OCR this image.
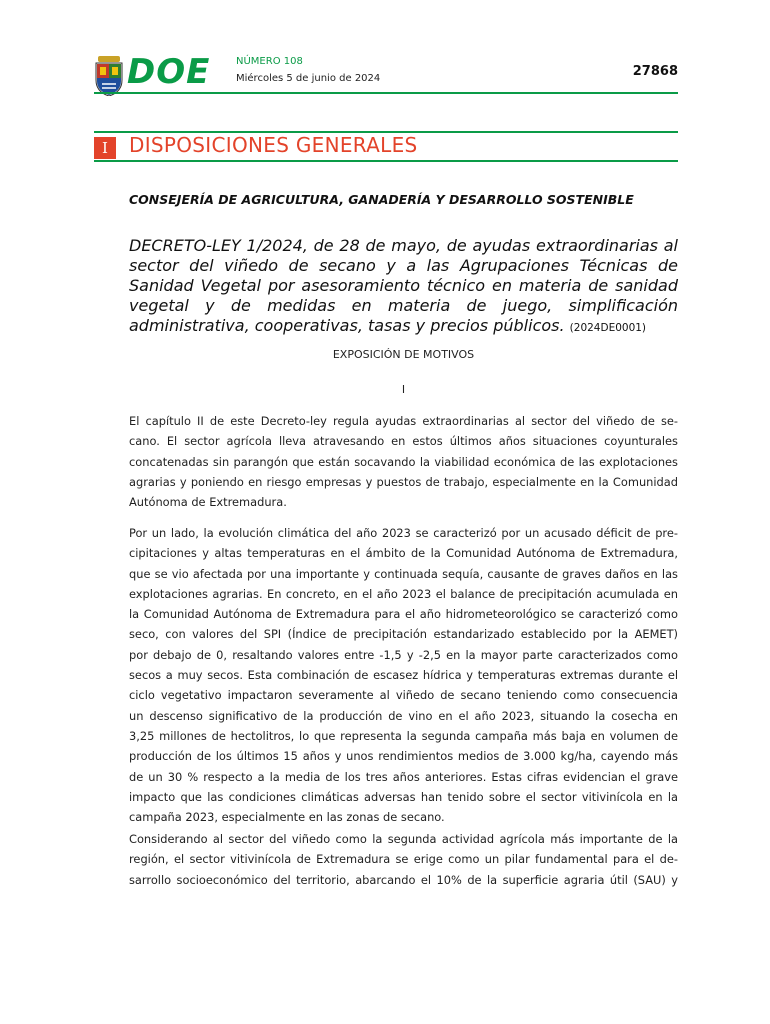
DOE	NÚMERO 108
Miércoles 5 de junio de 2024	27868
I	DISPOSICIONES GENERALES
CONSEJERÍA DE AGRICULTURA, GANADERÍA Y DESARROLLO SOSTENIBLE
DECRETO-LEY 1/2024, de 28 de mayo, de ayudas extraordinarias al sector del viñedo de secano y a las Agrupaciones Técnicas de Sanidad Vegetal por asesoramiento técnico en materia de sanidad vegetal y de medidas en materia de juego, simplificación administrativa, cooperativas, tasas y precios públicos. (2024DE0001)
EXPOSICIÓN DE MOTIVOS
I
El capítulo II de este Decreto-ley regula ayudas extraordinarias al sector del viñedo de se-
cano. El sector agrícola lleva atravesando en estos últimos años situaciones coyunturales
concatenadas sin parangón que están socavando la viabilidad económica de las explotaciones
agrarias y poniendo en riesgo empresas y puestos de trabajo, especialmente en la Comunidad
Autónoma de Extremadura.
Por un lado, la evolución climática del año 2023 se caracterizó por un acusado déficit de pre-
cipitaciones y altas temperaturas en el ámbito de la Comunidad Autónoma de Extremadura,
que se vio afectada por una importante y continuada sequía, causante de graves daños en las
explotaciones agrarias. En concreto, en el año 2023 el balance de precipitación acumulada en
la Comunidad Autónoma de Extremadura para el año hidrometeorológico se caracterizó como
seco, con valores del SPI (Índice de precipitación estandarizado establecido por la AEMET)
por debajo de 0, resaltando valores entre -1,5 y -2,5 en la mayor parte caracterizados como
secos a muy secos. Esta combinación de escasez hídrica y temperaturas extremas durante el
ciclo vegetativo impactaron severamente al viñedo de secano teniendo como consecuencia
un descenso significativo de la producción de vino en el año 2023, situando la cosecha en
3,25 millones de hectolitros, lo que representa la segunda campaña más baja en volumen de
producción de los últimos 15 años y unos rendimientos medios de 3.000 kg/ha, cayendo más
de un 30 % respecto a la media de los tres años anteriores. Estas cifras evidencian el grave
impacto que las condiciones climáticas adversas han tenido sobre el sector vitivinícola en la
campaña 2023, especialmente en las zonas de secano.
Considerando al sector del viñedo como la segunda actividad agrícola más importante de la
región, el sector vitivinícola de Extremadura se erige como un pilar fundamental para el de-
sarrollo socioeconómico del territorio, abarcando el 10% de la superficie agraria útil (SAU) y
